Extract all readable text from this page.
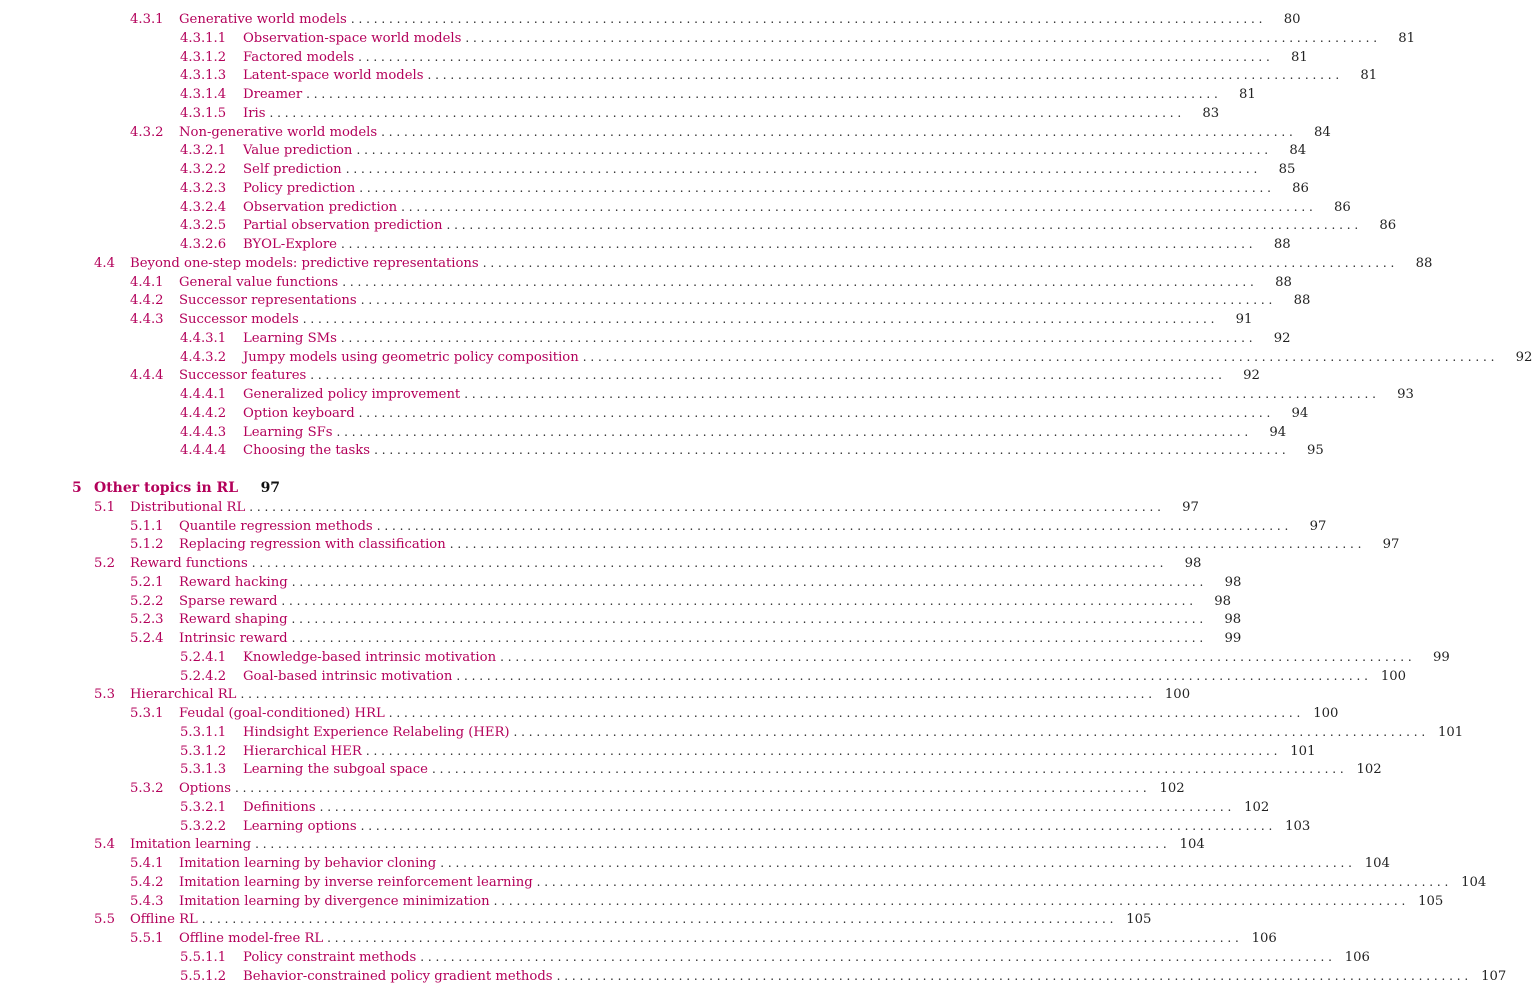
4.3.1	Generative world models . . . . . . . . . . . . . . . . . . . . . . . . . . . . . . . . . . . . . . . . . . . . . . . . . . . . . . . . . . . . . . . . . . . . . . . . . . . . . . . . . . . . . . . . . . . . . . . . . . . . . . . . . . . . . . . . . . . . . . . .	80
4.3.1.1	Observation-space world models . . . . . . . . . . . . . . . . . . . . . . . . . . . . . . . . . . . . . . . . . . . . . . . . . . . . . . . . . . . . . . . . . . . . . . . . . . . . . . . . . . . . . . . . . . . . . . . . . . . . . . . . . . . . . . . . . . . . . . . .	81
4.3.1.2	Factored models . . . . . . . . . . . . . . . . . . . . . . . . . . . . . . . . . . . . . . . . . . . . . . . . . . . . . . . . . . . . . . . . . . . . . . . . . . . . . . . . . . . . . . . . . . . . . . . . . . . . . . . . . . . . . . . . . . . . . . . .	81
4.3.1.3	Latent-space world models . . . . . . . . . . . . . . . . . . . . . . . . . . . . . . . . . . . . . . . . . . . . . . . . . . . . . . . . . . . . . . . . . . . . . . . . . . . . . . . . . . . . . . . . . . . . . . . . . . . . . . . . . . . . . . . . . . . . . . . .	81
4.3.1.4	Dreamer . . . . . . . . . . . . . . . . . . . . . . . . . . . . . . . . . . . . . . . . . . . . . . . . . . . . . . . . . . . . . . . . . . . . . . . . . . . . . . . . . . . . . . . . . . . . . . . . . . . . . . . . . . . . . . . . . . . . . . . .	81
4.3.1.5	Iris . . . . . . . . . . . . . . . . . . . . . . . . . . . . . . . . . . . . . . . . . . . . . . . . . . . . . . . . . . . . . . . . . . . . . . . . . . . . . . . . . . . . . . . . . . . . . . . . . . . . . . . . . . . . . . . . . . . . . . . .	83
4.3.2	Non-generative world models . . . . . . . . . . . . . . . . . . . . . . . . . . . . . . . . . . . . . . . . . . . . . . . . . . . . . . . . . . . . . . . . . . . . . . . . . . . . . . . . . . . . . . . . . . . . . . . . . . . . . . . . . . . . . . . . . . . . . . . .	84
4.3.2.1	Value prediction . . . . . . . . . . . . . . . . . . . . . . . . . . . . . . . . . . . . . . . . . . . . . . . . . . . . . . . . . . . . . . . . . . . . . . . . . . . . . . . . . . . . . . . . . . . . . . . . . . . . . . . . . . . . . . . . . . . . . . . .	84
4.3.2.2	Self prediction . . . . . . . . . . . . . . . . . . . . . . . . . . . . . . . . . . . . . . . . . . . . . . . . . . . . . . . . . . . . . . . . . . . . . . . . . . . . . . . . . . . . . . . . . . . . . . . . . . . . . . . . . . . . . . . . . . . . . . . .	85
4.3.2.3	Policy prediction . . . . . . . . . . . . . . . . . . . . . . . . . . . . . . . . . . . . . . . . . . . . . . . . . . . . . . . . . . . . . . . . . . . . . . . . . . . . . . . . . . . . . . . . . . . . . . . . . . . . . . . . . . . . . . . . . . . . . . . .	86
4.3.2.4	Observation prediction . . . . . . . . . . . . . . . . . . . . . . . . . . . . . . . . . . . . . . . . . . . . . . . . . . . . . . . . . . . . . . . . . . . . . . . . . . . . . . . . . . . . . . . . . . . . . . . . . . . . . . . . . . . . . . . . . . . . . . . .	86
4.3.2.5	Partial observation prediction . . . . . . . . . . . . . . . . . . . . . . . . . . . . . . . . . . . . . . . . . . . . . . . . . . . . . . . . . . . . . . . . . . . . . . . . . . . . . . . . . . . . . . . . . . . . . . . . . . . . . . . . . . . . . . . . . . . . . . . .	86
4.3.2.6	BYOL-Explore . . . . . . . . . . . . . . . . . . . . . . . . . . . . . . . . . . . . . . . . . . . . . . . . . . . . . . . . . . . . . . . . . . . . . . . . . . . . . . . . . . . . . . . . . . . . . . . . . . . . . . . . . . . . . . . . . . . . . . . .	88
4.4	Beyond one-step models: predictive representations . . . . . . . . . . . . . . . . . . . . . . . . . . . . . . . . . . . . . . . . . . . . . . . . . . . . . . . . . . . . . . . . . . . . . . . . . . . . . . . . . . . . . . . . . . . . . . . . . . . . . . . . . . . . . . . . . . . . . . . .	88
4.4.1	General value functions . . . . . . . . . . . . . . . . . . . . . . . . . . . . . . . . . . . . . . . . . . . . . . . . . . . . . . . . . . . . . . . . . . . . . . . . . . . . . . . . . . . . . . . . . . . . . . . . . . . . . . . . . . . . . . . . . . . . . . . .	88
4.4.2	Successor representations . . . . . . . . . . . . . . . . . . . . . . . . . . . . . . . . . . . . . . . . . . . . . . . . . . . . . . . . . . . . . . . . . . . . . . . . . . . . . . . . . . . . . . . . . . . . . . . . . . . . . . . . . . . . . . . . . . . . . . . .	88
4.4.3	Successor models . . . . . . . . . . . . . . . . . . . . . . . . . . . . . . . . . . . . . . . . . . . . . . . . . . . . . . . . . . . . . . . . . . . . . . . . . . . . . . . . . . . . . . . . . . . . . . . . . . . . . . . . . . . . . . . . . . . . . . . .	91
4.4.3.1	Learning SMs . . . . . . . . . . . . . . . . . . . . . . . . . . . . . . . . . . . . . . . . . . . . . . . . . . . . . . . . . . . . . . . . . . . . . . . . . . . . . . . . . . . . . . . . . . . . . . . . . . . . . . . . . . . . . . . . . . . . . . . .	92
4.4.3.2	Jumpy models using geometric policy composition . . . . . . . . . . . . . . . . . . . . . . . . . . . . . . . . . . . . . . . . . . . . . . . . . . . . . . . . . . . . . . . . . . . . . . . . . . . . . . . . . . . . . . . . . . . . . . . . . . . . . . . . . . . . . . . . . . . . . . . .	92
4.4.4	Successor features . . . . . . . . . . . . . . . . . . . . . . . . . . . . . . . . . . . . . . . . . . . . . . . . . . . . . . . . . . . . . . . . . . . . . . . . . . . . . . . . . . . . . . . . . . . . . . . . . . . . . . . . . . . . . . . . . . . . . . . .	92
4.4.4.1	Generalized policy improvement . . . . . . . . . . . . . . . . . . . . . . . . . . . . . . . . . . . . . . . . . . . . . . . . . . . . . . . . . . . . . . . . . . . . . . . . . . . . . . . . . . . . . . . . . . . . . . . . . . . . . . . . . . . . . . . . . . . . . . . .	93
4.4.4.2	Option keyboard . . . . . . . . . . . . . . . . . . . . . . . . . . . . . . . . . . . . . . . . . . . . . . . . . . . . . . . . . . . . . . . . . . . . . . . . . . . . . . . . . . . . . . . . . . . . . . . . . . . . . . . . . . . . . . . . . . . . . . . .	94
4.4.4.3	Learning SFs . . . . . . . . . . . . . . . . . . . . . . . . . . . . . . . . . . . . . . . . . . . . . . . . . . . . . . . . . . . . . . . . . . . . . . . . . . . . . . . . . . . . . . . . . . . . . . . . . . . . . . . . . . . . . . . . . . . . . . . .	94
4.4.4.4	Choosing the tasks . . . . . . . . . . . . . . . . . . . . . . . . . . . . . . . . . . . . . . . . . . . . . . . . . . . . . . . . . . . . . . . . . . . . . . . . . . . . . . . . . . . . . . . . . . . . . . . . . . . . . . . . . . . . . . . . . . . . . . . .	95
5 Other topics in RL	97
5.1	Distributional RL . . . . . . . . . . . . . . . . . . . . . . . . . . . . . . . . . . . . . . . . . . . . . . . . . . . . . . . . . . . . . . . . . . . . . . . . . . . . . . . . . . . . . . . . . . . . . . . . . . . . . . . . . . . . . . . . . . . . . . . .	97
5.1.1	Quantile regression methods . . . . . . . . . . . . . . . . . . . . . . . . . . . . . . . . . . . . . . . . . . . . . . . . . . . . . . . . . . . . . . . . . . . . . . . . . . . . . . . . . . . . . . . . . . . . . . . . . . . . . . . . . . . . . . . . . . . . . . . .	97
5.1.2	Replacing regression with classification . . . . . . . . . . . . . . . . . . . . . . . . . . . . . . . . . . . . . . . . . . . . . . . . . . . . . . . . . . . . . . . . . . . . . . . . . . . . . . . . . . . . . . . . . . . . . . . . . . . . . . . . . . . . . . . . . . . . . . . .	97
5.2	Reward functions . . . . . . . . . . . . . . . . . . . . . . . . . . . . . . . . . . . . . . . . . . . . . . . . . . . . . . . . . . . . . . . . . . . . . . . . . . . . . . . . . . . . . . . . . . . . . . . . . . . . . . . . . . . . . . . . . . . . . . . .	98
5.2.1	Reward hacking . . . . . . . . . . . . . . . . . . . . . . . . . . . . . . . . . . . . . . . . . . . . . . . . . . . . . . . . . . . . . . . . . . . . . . . . . . . . . . . . . . . . . . . . . . . . . . . . . . . . . . . . . . . . . . . . . . . . . . . .	98
5.2.2	Sparse reward . . . . . . . . . . . . . . . . . . . . . . . . . . . . . . . . . . . . . . . . . . . . . . . . . . . . . . . . . . . . . . . . . . . . . . . . . . . . . . . . . . . . . . . . . . . . . . . . . . . . . . . . . . . . . . . . . . . . . . . .	98
5.2.3	Reward shaping . . . . . . . . . . . . . . . . . . . . . . . . . . . . . . . . . . . . . . . . . . . . . . . . . . . . . . . . . . . . . . . . . . . . . . . . . . . . . . . . . . . . . . . . . . . . . . . . . . . . . . . . . . . . . . . . . . . . . . . .	98
5.2.4	Intrinsic reward . . . . . . . . . . . . . . . . . . . . . . . . . . . . . . . . . . . . . . . . . . . . . . . . . . . . . . . . . . . . . . . . . . . . . . . . . . . . . . . . . . . . . . . . . . . . . . . . . . . . . . . . . . . . . . . . . . . . . . . .	99
5.2.4.1	Knowledge-based intrinsic motivation . . . . . . . . . . . . . . . . . . . . . . . . . . . . . . . . . . . . . . . . . . . . . . . . . . . . . . . . . . . . . . . . . . . . . . . . . . . . . . . . . . . . . . . . . . . . . . . . . . . . . . . . . . . . . . . . . . . . . . . .	99
5.2.4.2	Goal-based intrinsic motivation . . . . . . . . . . . . . . . . . . . . . . . . . . . . . . . . . . . . . . . . . . . . . . . . . . . . . . . . . . . . . . . . . . . . . . . . . . . . . . . . . . . . . . . . . . . . . . . . . . . . . . . . . . . . . . . . . . . . . . . . 100
5.3	Hierarchical RL . . . . . . . . . . . . . . . . . . . . . . . . . . . . . . . . . . . . . . . . . . . . . . . . . . . . . . . . . . . . . . . . . . . . . . . . . . . . . . . . . . . . . . . . . . . . . . . . . . . . . . . . . . . . . . . . . . . . . . . . 100
5.3.1	Feudal (goal-conditioned) HRL . . . . . . . . . . . . . . . . . . . . . . . . . . . . . . . . . . . . . . . . . . . . . . . . . . . . . . . . . . . . . . . . . . . . . . . . . . . . . . . . . . . . . . . . . . . . . . . . . . . . . . . . . . . . . . . . . . . . . . . . 100
5.3.1.1	Hindsight Experience Relabeling (HER) . . . . . . . . . . . . . . . . . . . . . . . . . . . . . . . . . . . . . . . . . . . . . . . . . . . . . . . . . . . . . . . . . . . . . . . . . . . . . . . . . . . . . . . . . . . . . . . . . . . . . . . . . . . . . . . . . . . . . . . . 101
5.3.1.2	Hierarchical HER . . . . . . . . . . . . . . . . . . . . . . . . . . . . . . . . . . . . . . . . . . . . . . . . . . . . . . . . . . . . . . . . . . . . . . . . . . . . . . . . . . . . . . . . . . . . . . . . . . . . . . . . . . . . . . . . . . . . . . . . 101
5.3.1.3	Learning the subgoal space . . . . . . . . . . . . . . . . . . . . . . . . . . . . . . . . . . . . . . . . . . . . . . . . . . . . . . . . . . . . . . . . . . . . . . . . . . . . . . . . . . . . . . . . . . . . . . . . . . . . . . . . . . . . . . . . . . . . . . . . 102
5.3.2	Options . . . . . . . . . . . . . . . . . . . . . . . . . . . . . . . . . . . . . . . . . . . . . . . . . . . . . . . . . . . . . . . . . . . . . . . . . . . . . . . . . . . . . . . . . . . . . . . . . . . . . . . . . . . . . . . . . . . . . . . . 102
5.3.2.1	Definitions . . . . . . . . . . . . . . . . . . . . . . . . . . . . . . . . . . . . . . . . . . . . . . . . . . . . . . . . . . . . . . . . . . . . . . . . . . . . . . . . . . . . . . . . . . . . . . . . . . . . . . . . . . . . . . . . . . . . . . . . 102
5.3.2.2	Learning options . . . . . . . . . . . . . . . . . . . . . . . . . . . . . . . . . . . . . . . . . . . . . . . . . . . . . . . . . . . . . . . . . . . . . . . . . . . . . . . . . . . . . . . . . . . . . . . . . . . . . . . . . . . . . . . . . . . . . . . . 103
5.4	Imitation learning . . . . . . . . . . . . . . . . . . . . . . . . . . . . . . . . . . . . . . . . . . . . . . . . . . . . . . . . . . . . . . . . . . . . . . . . . . . . . . . . . . . . . . . . . . . . . . . . . . . . . . . . . . . . . . . . . . . . . . . . 104
5.4.1	Imitation learning by behavior cloning . . . . . . . . . . . . . . . . . . . . . . . . . . . . . . . . . . . . . . . . . . . . . . . . . . . . . . . . . . . . . . . . . . . . . . . . . . . . . . . . . . . . . . . . . . . . . . . . . . . . . . . . . . . . . . . . . . . . . . . . 104
5.4.2	Imitation learning by inverse reinforcement learning . . . . . . . . . . . . . . . . . . . . . . . . . . . . . . . . . . . . . . . . . . . . . . . . . . . . . . . . . . . . . . . . . . . . . . . . . . . . . . . . . . . . . . . . . . . . . . . . . . . . . . . . . . . . . . . . . . . . . . . . 104
5.4.3	Imitation learning by divergence minimization . . . . . . . . . . . . . . . . . . . . . . . . . . . . . . . . . . . . . . . . . . . . . . . . . . . . . . . . . . . . . . . . . . . . . . . . . . . . . . . . . . . . . . . . . . . . . . . . . . . . . . . . . . . . . . . . . . . . . . . . 105
5.5	Offline RL . . . . . . . . . . . . . . . . . . . . . . . . . . . . . . . . . . . . . . . . . . . . . . . . . . . . . . . . . . . . . . . . . . . . . . . . . . . . . . . . . . . . . . . . . . . . . . . . . . . . . . . . . . . . . . . . . . . . . . . . 105
5.5.1	Offline model-free RL . . . . . . . . . . . . . . . . . . . . . . . . . . . . . . . . . . . . . . . . . . . . . . . . . . . . . . . . . . . . . . . . . . . . . . . . . . . . . . . . . . . . . . . . . . . . . . . . . . . . . . . . . . . . . . . . . . . . . . . . 106
5.5.1.1	Policy constraint methods . . . . . . . . . . . . . . . . . . . . . . . . . . . . . . . . . . . . . . . . . . . . . . . . . . . . . . . . . . . . . . . . . . . . . . . . . . . . . . . . . . . . . . . . . . . . . . . . . . . . . . . . . . . . . . . . . . . . . . . . 106
5.5.1.2	Behavior-constrained policy gradient methods . . . . . . . . . . . . . . . . . . . . . . . . . . . . . . . . . . . . . . . . . . . . . . . . . . . . . . . . . . . . . . . . . . . . . . . . . . . . . . . . . . . . . . . . . . . . . . . . . . . . . . . . . . . . . . . . . . . . . . . . 107
